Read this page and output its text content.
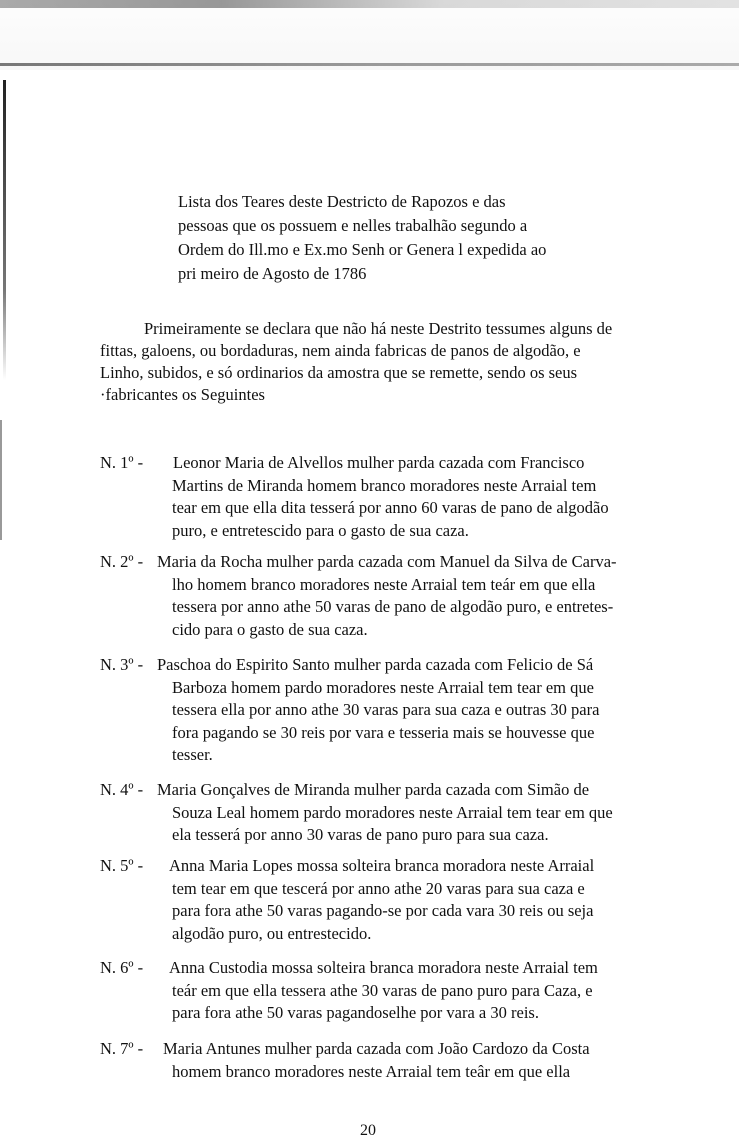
Lista dos Teares deste Destricto de Rapozos e das

pessoas que os possuem e nelles trabalhão segundo a

Ordem do Ill.mo e Ex.mo Senh or Genera l expedida ao

pri meiro de Agosto de 1786

Primeiramente se declara que não há neste Destrito tessumes alguns de

fittas, galoens, ou bordaduras, nem ainda fabricas de panos de algodão, e

Linho, subidos, e só ordinarios da amostra que se remette, sendo os seus

·fabricantes os Seguintes

N. 1º - Leonor Maria de Alvellos mulher parda cazada com Francisco

Martins de Miranda homem branco moradores neste Arraial tem

tear em que ella dita tesserá por anno 60 varas de pano de algodão

puro, e entretescido para o gasto de sua caza.

N. 2º - Maria da Rocha mulher parda cazada com Manuel da Silva de Carva-

lho homem branco moradores neste Arraial tem teár em que ella

tessera por anno athe 50 varas de pano de algodão puro, e entretes-

cido para o gasto de sua caza.

N. 3º - Paschoa do Espirito Santo mulher parda cazada com Felicio de Sá

Barboza homem pardo moradores neste Arraial tem tear em que

tessera ella por anno athe 30 varas para sua caza e outras 30 para

fora pagando se 30 reis por vara e tesseria mais se houvesse que

tesser.

N. 4º - Maria Gonçalves de Miranda mulher parda cazada com Simão de

Souza Leal homem pardo moradores neste Arraial tem tear em que

ela tesserá por anno 30 varas de pano puro para sua caza.

N. 5º - Anna Maria Lopes mossa solteira branca moradora neste Arraial

tem tear em que tescerá por anno athe 20 varas para sua caza e

para fora athe 50 varas pagando-se por cada vara 30 reis ou seja

algodão puro, ou entrestecido.

N. 6º - Anna Custodia mossa solteira branca moradora neste Arraial tem

teár em que ella tessera athe 30 varas de pano puro para Caza, e

para fora athe 50 varas pagandoselhe por vara a 30 reis.

N. 7º - Maria Antunes mulher parda cazada com João Cardozo da Costa

homem branco moradores neste Arraial tem teâr em que ella

20
